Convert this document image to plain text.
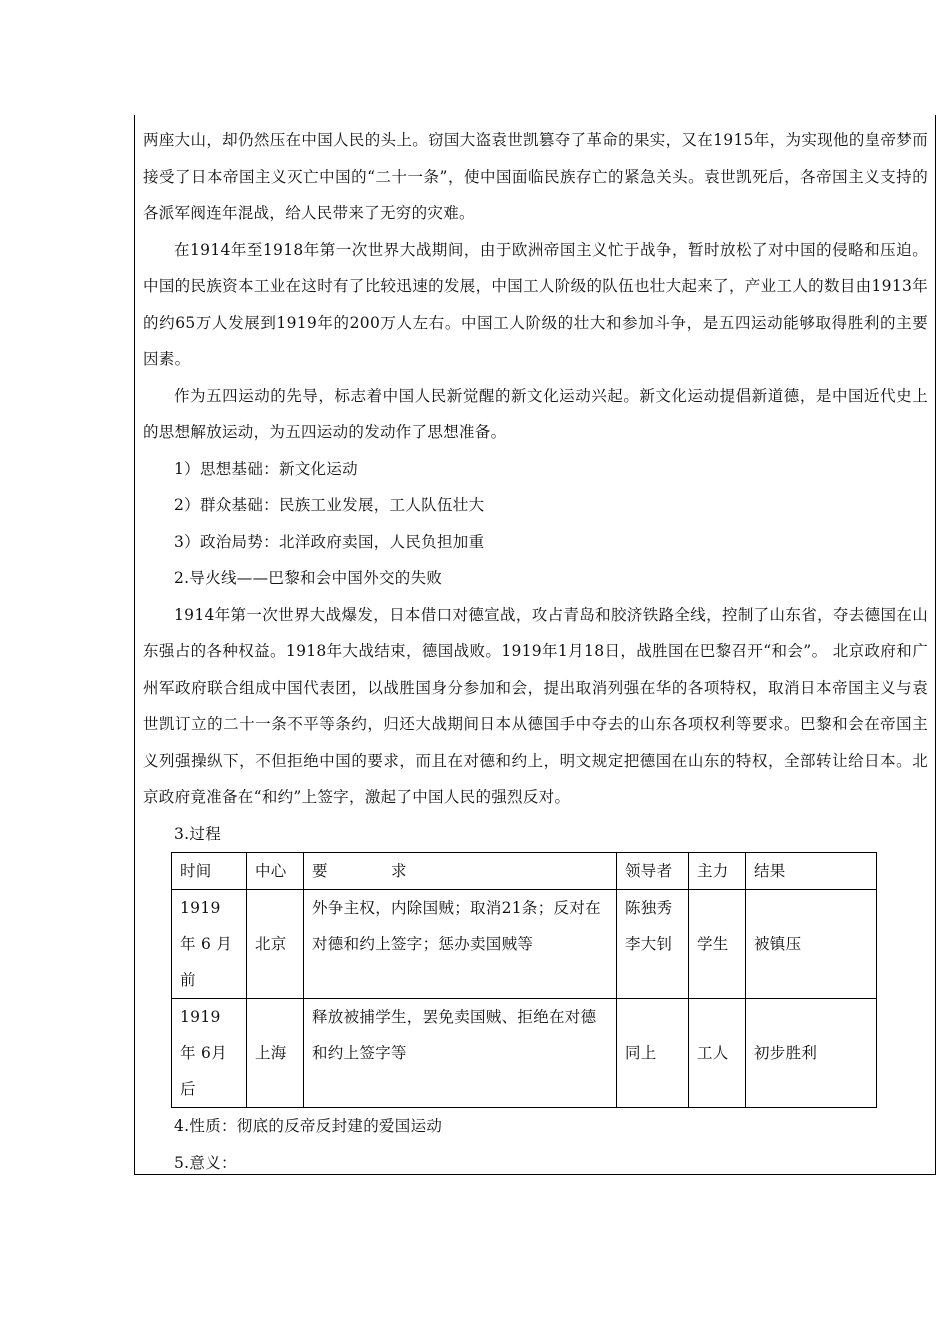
两座大山，却仍然压在中国人民的头上。窃国大盗袁世凯篡夺了革命的果实，又在1915年，为实现他的皇帝梦而接受了日本帝国主义灭亡中国的“二十一条”，使中国面临民族存亡的紧急关头。袁世凯死后，各帝国主义支持的各派军阀连年混战，给人民带来了无穷的灾难。

在1914年至1918年第一次世界大战期间，由于欧洲帝国主义忙于战争，暂时放松了对中国的侵略和压迫。中国的民族资本工业在这时有了比较迅速的发展，中国工人阶级的队伍也壮大起来了，产业工人的数目由1913年的约65万人发展到1919年的200万人左右。中国工人阶级的壮大和参加斗争，是五四运动能够取得胜利的主要因素。

作为五四运动的先导，标志着中国人民新觉醒的新文化运动兴起。新文化运动提倡新道德，是中国近代史上的思想解放运动，为五四运动的发动作了思想准备。

1）思想基础：新文化运动

2）群众基础：民族工业发展，工人队伍壮大

3）政治局势：北洋政府卖国，人民负担加重

2.导火线——巴黎和会中国外交的失败

1914年第一次世界大战爆发，日本借口对德宣战，攻占青岛和胶济铁路全线，控制了山东省，夺去德国在山东强占的各种权益。1918年大战结束，德国战败。1919年1月18日，战胜国在巴黎召开“和会”。 北京政府和广州军政府联合组成中国代表团，以战胜国身分参加和会，提出取消列强在华的各项特权，取消日本帝国主义与袁世凯订立的二十一条不平等条约，归还大战期间日本从德国手中夺去的山东各项权利等要求。巴黎和会在帝国主义列强操纵下，不但拒绝中国的要求，而且在对德和约上，明文规定把德国在山东的特权，全部转让给日本。北京政府竟准备在“和约”上签字，激起了中国人民的强烈反对。

3.过程

时间	中心	要　　　　求	领导者	主力	结果
1919 年 6 月前	北京	外争主权，内除国贼；取消21条；反对在对德和约上签字；惩办卖国贼等	陈独秀 李大钊	学生	被镇压
1919 年 6月后	上海	释放被捕学生，罢免卖国贼、拒绝在对德和约上签字等	同上	工人	初步胜利

4.性质：彻底的反帝反封建的爱国运动

5.意义：
